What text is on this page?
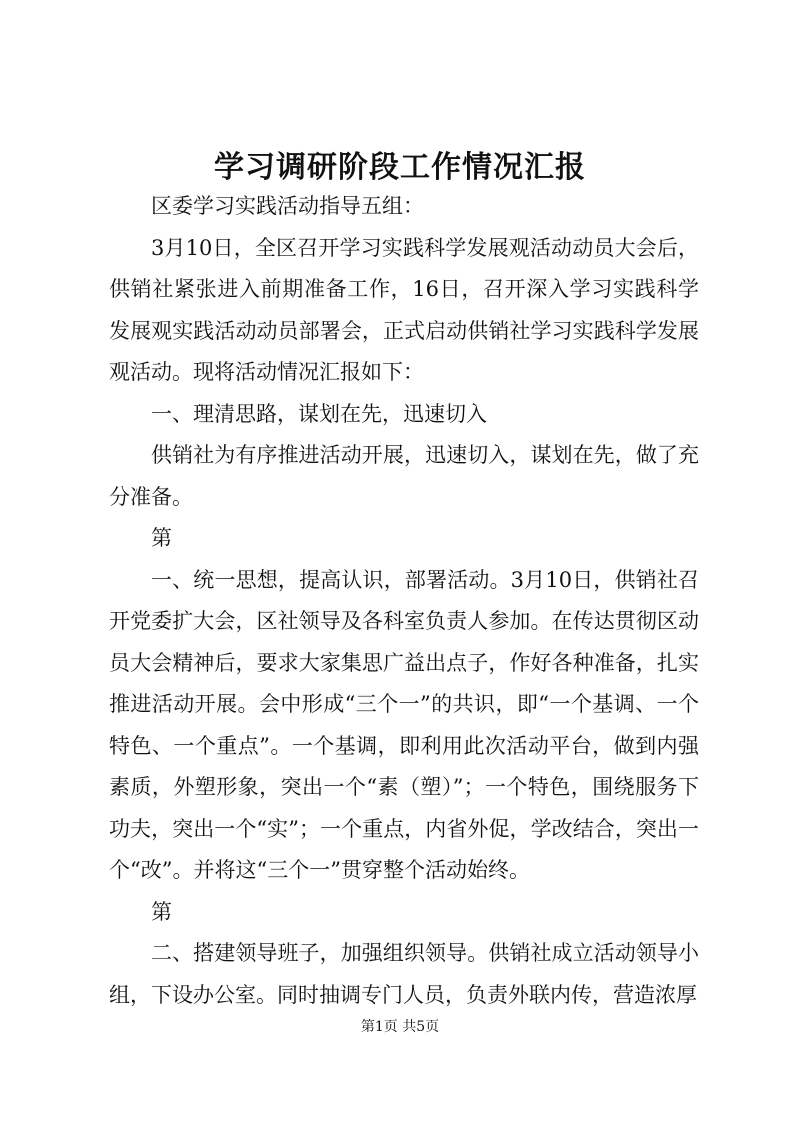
学习调研阶段工作情况汇报

区委学习实践活动指导五组：

3月10日，全区召开学习实践科学发展观活动动员大会后，供销社紧张进入前期准备工作，16日，召开深入学习实践科学发展观实践活动动员部署会，正式启动供销社学习实践科学发展观活动。现将活动情况汇报如下：

一、理清思路，谋划在先，迅速切入

供销社为有序推进活动开展，迅速切入，谋划在先，做了充分准备。

第

一、统一思想，提高认识，部署活动。3月10日，供销社召开党委扩大会，区社领导及各科室负责人参加。在传达贯彻区动员大会精神后，要求大家集思广益出点子，作好各种准备，扎实推进活动开展。会中形成“三个一”的共识，即“一个基调、一个特色、一个重点”。一个基调，即利用此次活动平台，做到内强素质，外塑形象，突出一个“素（塑）”；一个特色，围绕服务下功夫，突出一个“实”；一个重点，内省外促，学改结合，突出一个“改”。并将这“三个一”贯穿整个活动始终。

第

二、搭建领导班子，加强组织领导。供销社成立活动领导小组，下设办公室。同时抽调专门人员，负责外联内传，营造浓厚

第1页 共5页
